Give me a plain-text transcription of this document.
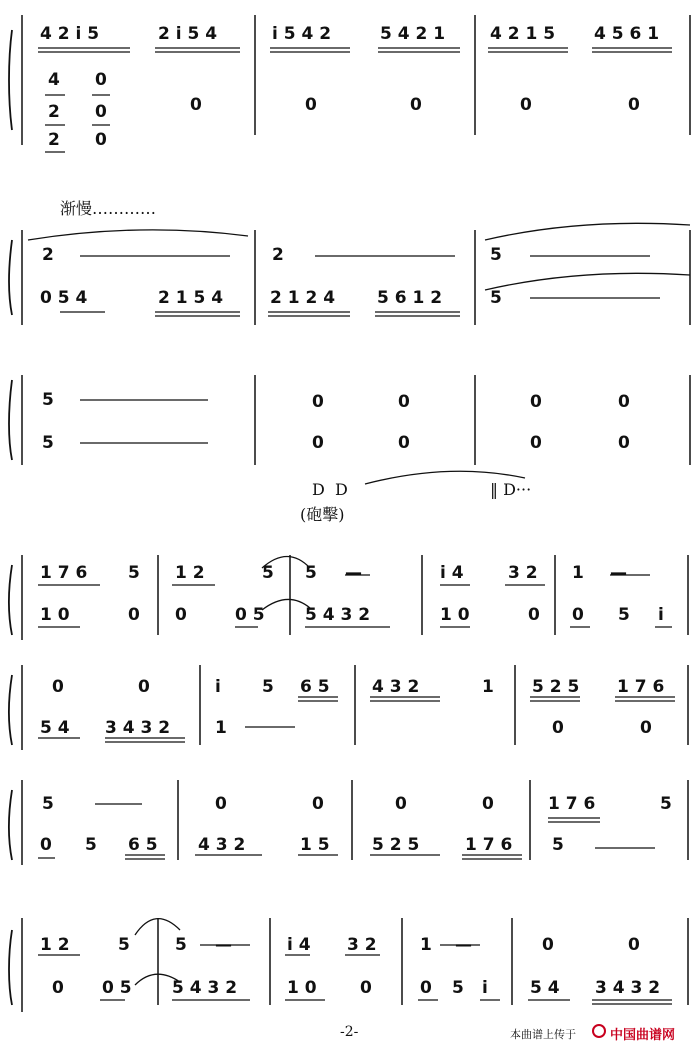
4 2 i 5	2 i 5 4	i 5 4 2	5 4 2 1	4 2 1 5 4 5 6 1
4 0
2 0
2 0
0	0	0	0	0
渐慢…………
2	2	5
0 5 4	2 1 5 4	2 1 2 4 5 6 1 2	5
5	0	0	0	0
5	0	0	0	0
D  D	‖ D···
(砲擊)
1 7 6 5 1 2	5 5 —	i 4	3 2 1 —
1 0	0 0	0 5 5 4 3 2	1 0	0 0 5 i
0	0	i 5 6 5 4 3 2	1 5 2 5 1 7 6
5 4 3 4 3 2	1	0	0
5	0	0	0	0	1 7 6	5
0 5 6 5 4 3 2	1 5 5 2 5	1 7 6 5
1 2	5	5 —	i 4 3 2	1 —	0	0
0 0 5 5 4 3 2	1 0	0	0 5 i 5 4 3 4 3 2
-2-	本曲谱上传于	中国曲谱网
